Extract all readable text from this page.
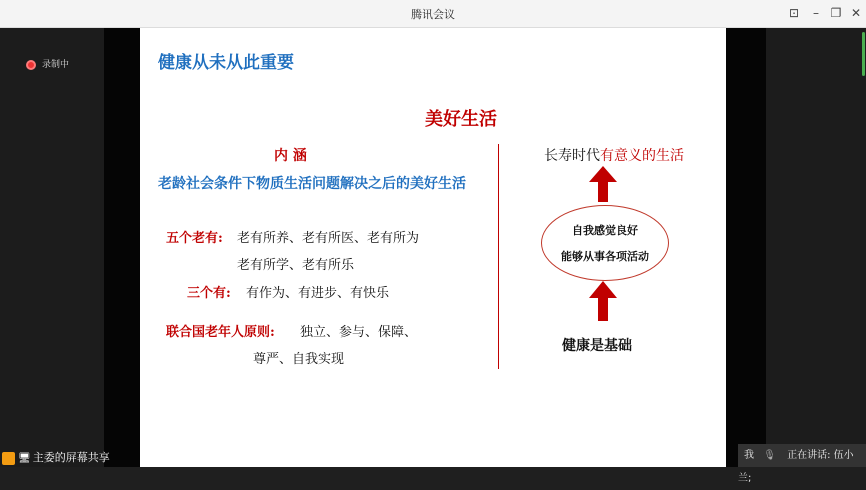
腾讯会议	⊡	– ❐ ✕
录制中	健康从未从此重要
美好生活
内 涵
老龄社会条件下物质生活问题解决之后的美好生活
五个老有: 老有所养、老有所医、老有所为
老有所学、老有所乐
三个有: 有作为、有进步、有快乐
联合国老年人原则: 独立、参与、保障、
尊严、自我实现
长寿时代有意义的生活
自我感觉良好
能够从事各项活动
健康是基础
🖥 主委的屏幕共享	我 🎙 正在讲话: 伍小兰;
